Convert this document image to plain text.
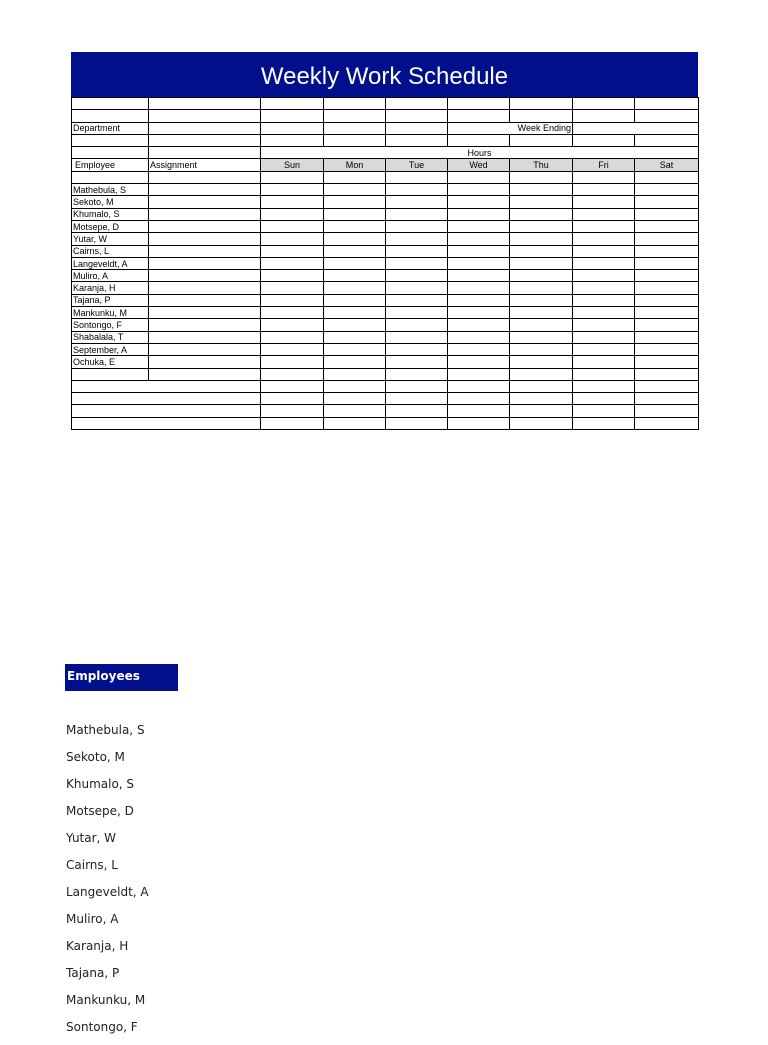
Weekly Work Schedule

Department						Week Ending		

		Hours						
Employee	Assignment	Sun	Mon	Tue	Wed	Thu	Fri	Sat

Mathebula, S								
Sekoto, M								
Khumalo, S								
Motsepe, D								
Yutar, W								
Cairns, L								
Langeveldt, A								
Muliro, A								
Karanja, H								
Tajana, P								
Mankunku, M								
Sontongo, F								
Shabalala, T								
September, A								
Ochuka, E								

Employees
Mathebula, S
Sekoto, M
Khumalo, S
Motsepe, D
Yutar, W
Cairns, L
Langeveldt, A
Muliro, A
Karanja, H
Tajana, P
Mankunku, M
Sontongo, F
